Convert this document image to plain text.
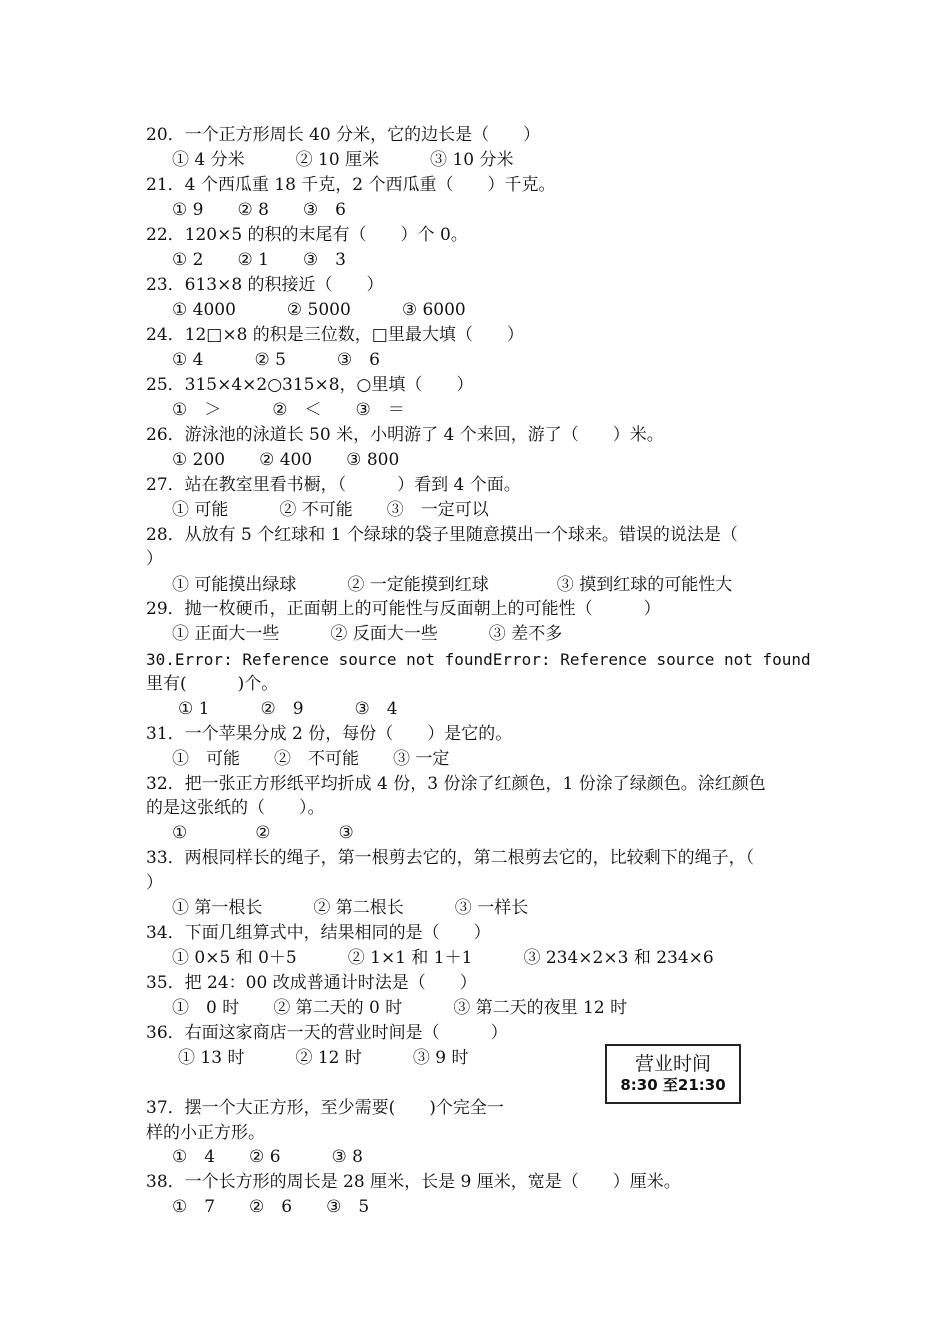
20．一个正方形周长 40 分米，它的边长是（　　）
① 4 分米　　　② 10 厘米　　　③ 10 分米
21．4 个西瓜重 18 千克，2 个西瓜重（　　）千克。
① 9　　② 8　　③　6
22．120×5 的积的末尾有（　　）个 0。
① 2　　② 1　　③　3
23．613×8 的积接近（　　）
① 4000　　　② 5000　　　③ 6000
24．12□×8 的积是三位数，□里最大填（　　）
① 4　　　② 5　　　③　6
25．315×4×2○315×8，○里填（　　）
①　＞　　　②　＜　　③　＝
26．游泳池的泳道长 50 米，小明游了 4 个来回，游了（　　）米。
① 200　　② 400　　③ 800
27．站在教室里看书橱，（　　　）看到 4 个面。
① 可能　　　② 不可能　　③　一定可以
28．从放有 5 个红球和 1 个绿球的袋子里随意摸出一个球来。错误的说法是（
）
① 可能摸出绿球　　　② 一定能摸到红球　　　　③ 摸到红球的可能性大
29．抛一枚硬币，正面朝上的可能性与反面朝上的可能性（　　　）
① 正面大一些　　　② 反面大一些　　　③ 差不多
30.Error: Reference source not foundError: Reference source not found
里有(　　　)个。
① 1　　　②　9　　　③　4
31．一个苹果分成 2 份，每份（　　）是它的。
①　可能　　②　不可能　　③ 一定
32．把一张正方形纸平均折成 4 份，3 份涂了红颜色，1 份涂了绿颜色。涂红颜色
的是这张纸的（　　）。
①　　　　②　　　　③
33．两根同样长的绳子，第一根剪去它的，第二根剪去它的，比较剩下的绳子，（
）
① 第一根长　　　② 第二根长　　　③ 一样长
34．下面几组算式中，结果相同的是（　　）
① 0×5 和 0＋5　　　② 1×1 和 1＋1　　　③ 234×2×3 和 234×6
35．把 24：00 改成普通计时法是（　　）
①　0 时　　② 第二天的 0 时　　　③ 第二天的夜里 12 时
36．右面这家商店一天的营业时间是（　　　）
① 13 时　　　② 12 时　　　③ 9 时
37．摆一个大正方形，至少需要(　　)个完全一
样的小正方形。
①　4　　② 6　　　③ 8
38．一个长方形的周长是 28 厘米，长是 9 厘米，宽是（　　）厘米。
①　7　　②　6　　③　5
营业时间
8:30 至21:30
